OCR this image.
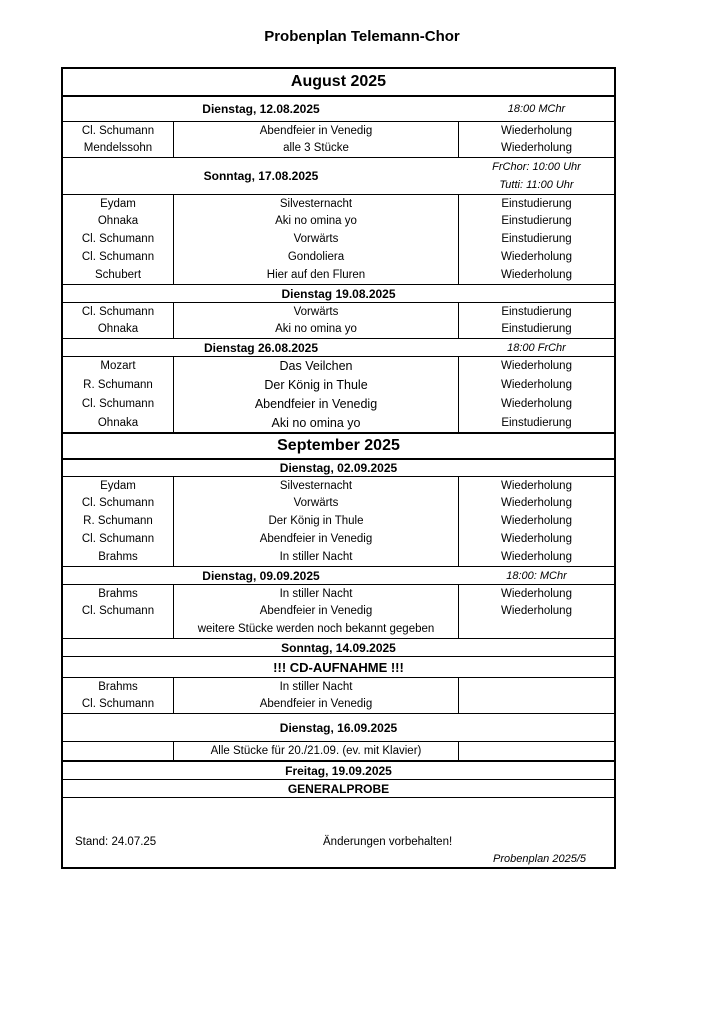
Probenplan Telemann-Chor
August 2025
Dienstag, 12.08.2025	18:00 MChr
Cl. Schumann	Abendfeier in Venedig	Wiederholung
Mendelssohn	alle 3 Stücke	Wiederholung
Sonntag, 17.08.2025
FrChor: 10:00 Uhr
Tutti: 11:00 Uhr
Eydam	Silvesternacht	Einstudierung
Ohnaka	Aki no omina yo	Einstudierung
Cl. Schumann	Vorwärts	Einstudierung
Cl. Schumann	Gondoliera	Wiederholung
Schubert	Hier auf den Fluren	Wiederholung
Dienstag 19.08.2025
Cl. Schumann	Vorwärts	Einstudierung
Ohnaka	Aki no omina yo	Einstudierung
Dienstag 26.08.2025	18:00 FrChr
Mozart	Das Veilchen	Wiederholung
R. Schumann	Der König in Thule	Wiederholung
Cl. Schumann	Abendfeier in Venedig	Wiederholung
Ohnaka	Aki no omina yo	Einstudierung
September 2025
Dienstag, 02.09.2025
Eydam	Silvesternacht	Wiederholung
Cl. Schumann	Vorwärts	Wiederholung
R. Schumann	Der König in Thule	Wiederholung
Cl. Schumann	Abendfeier in Venedig	Wiederholung
Brahms	In stiller Nacht	Wiederholung
Dienstag, 09.09.2025	18:00: MChr
Brahms	In stiller Nacht	Wiederholung
Cl. Schumann	Abendfeier in Venedig	Wiederholung
weitere Stücke werden noch bekannt gegeben
Sonntag, 14.09.2025
!!! CD-AUFNAHME !!!
Brahms	In stiller Nacht
Cl. Schumann	Abendfeier in Venedig
Dienstag, 16.09.2025
Alle Stücke für 20./21.09. (ev. mit Klavier)
Freitag, 19.09.2025
GENERALPROBE
Stand: 24.07.25	Änderungen vorbehalten!
Probenplan 2025/5
